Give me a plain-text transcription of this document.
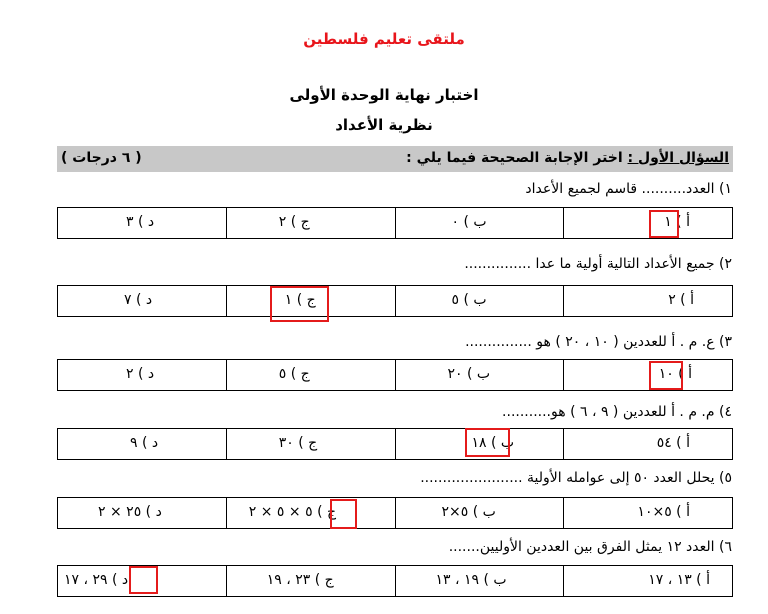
ملتقى تعليم فلسطين
اختبار نهاية الوحدة الأولى
نظرية الأعداد
السؤال الأول : اختر الإجابة الصحيحة فيما يلي :
( ٦ درجات )
١) العدد.......... قاسم لجميع الأعداد
د ) ٣	ج ) ٢	ب ) ٠	أ ) ١
٢) جميع الأعداد التالية أولية ما عدا ...............
د ) ٧	ج ) ١	ب ) ٥	أ ) ٢
٣) ع. م . أ للعددين ( ١٠ ، ٢٠ ) هو ...............
د ) ٢	ج ) ٥	ب ) ٢٠	أ ) ١٠
٤) م. م . أ للعددين ( ٩ ، ٦ ) هو...........
د ) ٩	ج ) ٣٠	ب ) ١٨	أ ) ٥٤
٥) يحلل العدد ٥٠ إلى عوامله الأولية .......................
د ) ٢٥ × ٢	ج ) ٥ × ٥ × ٢	ب ) ٥×٢	أ ) ٥×١٠
٦) العدد ١٢ يمثل الفرق بين العددين الأوليين.......
د ) ٢٩ ، ١٧	ج ) ٢٣ ، ١٩	ب ) ١٩ ، ١٣	أ ) ١٣ ، ١٧
